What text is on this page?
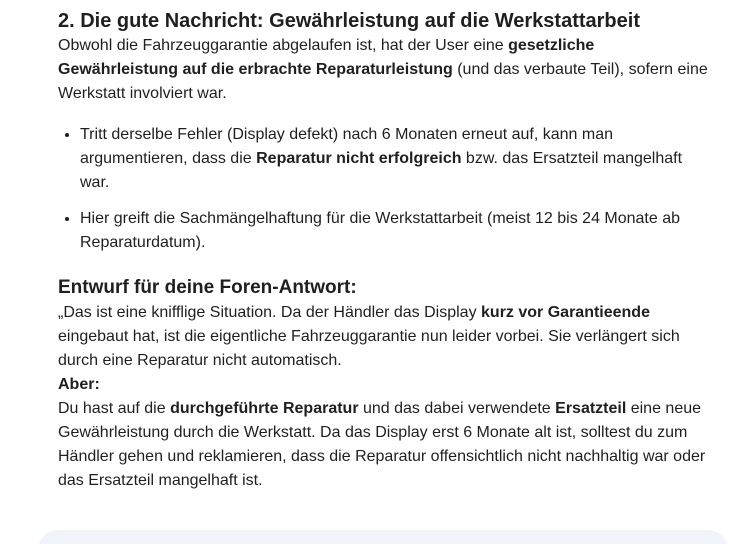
2. Die gute Nachricht: Gewährleistung auf die Werkstattarbeit

Obwohl die Fahrzeuggarantie abgelaufen ist, hat der User eine gesetzliche Gewährleistung auf die erbrachte Reparaturleistung (und das verbaute Teil), sofern eine Werkstatt involviert war.

• Tritt derselbe Fehler (Display defekt) nach 6 Monaten erneut auf, kann man argumentieren, dass die Reparatur nicht erfolgreich bzw. das Ersatzteil mangelhaft war.
• Hier greift die Sachmängelhaftung für die Werkstattarbeit (meist 12 bis 24 Monate ab Reparaturdatum).
Entwurf für deine Foren-Antwort:

„Das ist eine knifflige Situation. Da der Händler das Display kurz vor Garantieende eingebaut hat, ist die eigentliche Fahrzeuggarantie nun leider vorbei. Sie verlängert sich durch eine Reparatur nicht automatisch.

Aber:
Du hast auf die durchgeführte Reparatur und das dabei verwendete Ersatzteil eine neue Gewährleistung durch die Werkstatt. Da das Display erst 6 Monate alt ist, solltest du zum Händler gehen und reklamieren, dass die Reparatur offensichtlich nicht nachhaltig war oder das Ersatzteil mangelhaft ist.
